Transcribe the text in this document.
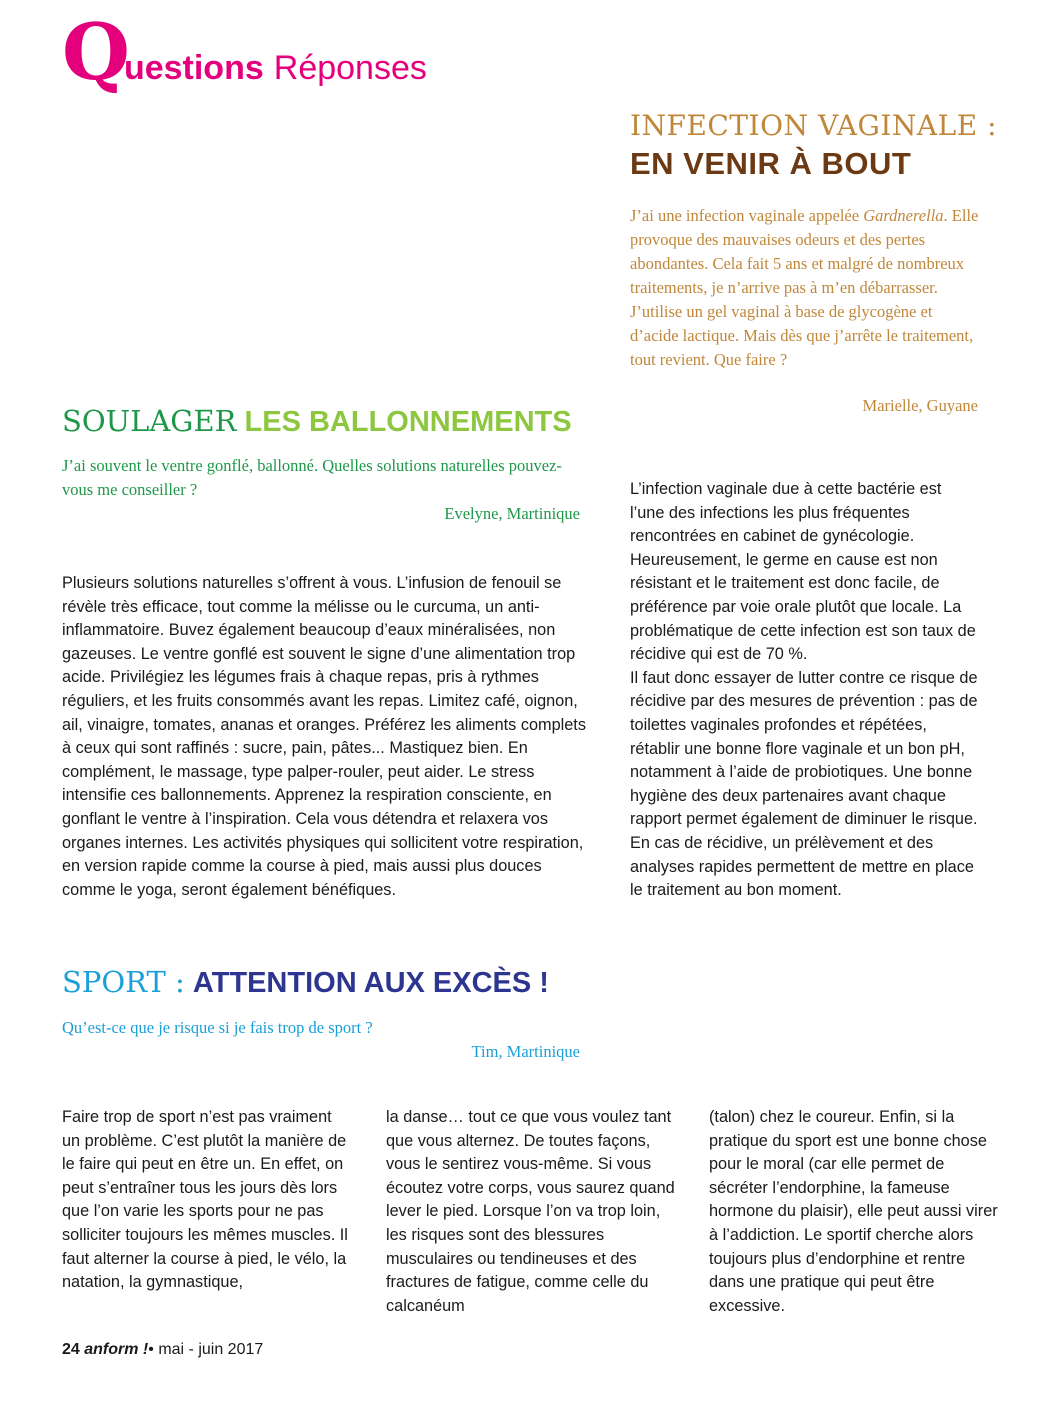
Questions Réponses
INFECTION VAGINALE :
EN VENIR À BOUT
J’ai une infection vaginale appelée Gardnerella. Elle provoque des mauvaises odeurs et des pertes abondantes. Cela fait 5 ans et malgré de nombreux traitements, je n’arrive pas à m’en débarrasser. J’utilise un gel vaginal à base de glycogène et d’acide lactique. Mais dès que j’arrête le traitement, tout revient. Que faire ?
Marielle, Guyane

L’infection vaginale due à cette bactérie est l’une des infections les plus fréquentes rencontrées en cabinet de gynécologie. Heureusement, le germe en cause est non résistant et le traitement est donc facile, de préférence par voie orale plutôt que locale. La problématique de cette infection est son taux de récidive qui est de 70 %.

Il faut donc essayer de lutter contre ce risque de récidive par des mesures de prévention : pas de toilettes vaginales profondes et répétées, rétablir une bonne flore vaginale et un bon pH, notamment à l’aide de probiotiques. Une bonne hygiène des deux partenaires avant chaque rapport permet également de diminuer le risque.

En cas de récidive, un prélèvement et des analyses rapides permettent de mettre en place le traitement au bon moment.

SOULAGER LES BALLONNEMENTS
J’ai souvent le ventre gonflé, ballonné. Quelles solutions naturelles pouvez-vous me conseiller ?
Evelyne, Martinique

Plusieurs solutions naturelles s’offrent à vous. L’infusion de fenouil se révèle très efficace, tout comme la mélisse ou le curcuma, un anti-inflammatoire. Buvez également beaucoup d’eaux minéralisées, non gazeuses. Le ventre gonflé est souvent le signe d’une alimentation trop acide. Privilégiez les légumes frais à chaque repas, pris à rythmes réguliers, et les fruits consommés avant les repas. Limitez café, oignon, ail, vinaigre, tomates, ananas et oranges. Préférez les aliments complets à ceux qui sont raffinés : sucre, pain, pâtes... Mastiquez bien. En complément, le massage, type palper-rouler, peut aider. Le stress intensifie ces ballonnements. Apprenez la respiration consciente, en gonflant le ventre à l’inspiration. Cela vous détendra et relaxera vos organes internes. Les activités physiques qui sollicitent votre respiration, en version rapide comme la course à pied, mais aussi plus douces comme le yoga, seront également bénéfiques.

SPORT : ATTENTION AUX EXCÈS !
Qu’est-ce que je risque si je fais trop de sport ?
Tim, Martinique

Faire trop de sport n’est pas vraiment un problème. C’est plutôt la manière de le faire qui peut en être un. En effet, on peut s’entraîner tous les jours dès lors que l’on varie les sports pour ne pas solliciter toujours les mêmes muscles. Il faut alterner la course à pied, le vélo, la natation, la gymnastique,

la danse… tout ce que vous voulez tant que vous alternez. De toutes façons, vous le sentirez vous-même. Si vous écoutez votre corps, vous saurez quand lever le pied. Lorsque l’on va trop loin, les risques sont des blessures musculaires ou tendineuses et des fractures de fatigue, comme celle du calcanéum

(talon) chez le coureur. Enfin, si la pratique du sport est une bonne chose pour le moral (car elle permet de sécréter l’endorphine, la fameuse hormone du plaisir), elle peut aussi virer à l’addiction. Le sportif cherche alors toujours plus d’endorphine et rentre dans une pratique qui peut être excessive.

24 anform !• mai - juin 2017
